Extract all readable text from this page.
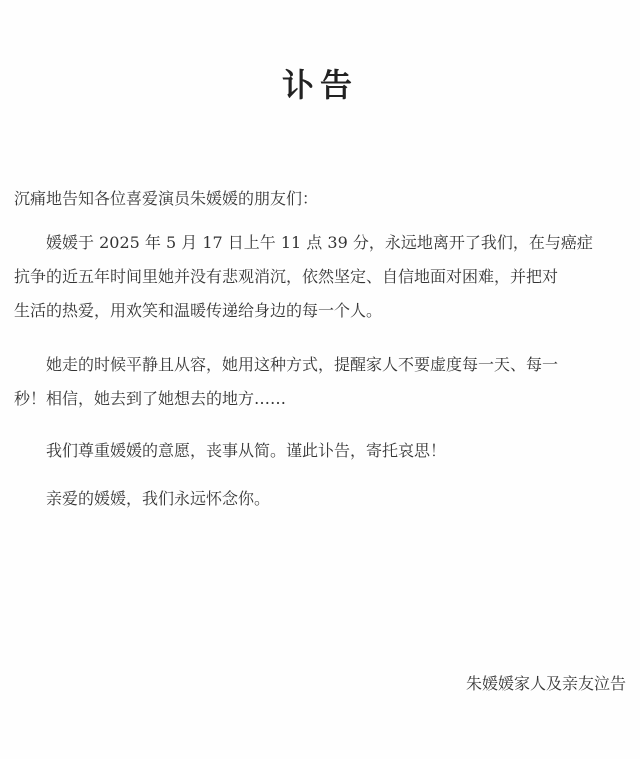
讣告
沉痛地告知各位喜爱演员朱媛媛的朋友们：
媛媛于 2025 年 5 月 17 日上午 11 点 39 分，永远地离开了我们，在与癌症
抗争的近五年时间里她并没有悲观消沉，依然坚定、自信地面对困难，并把对
生活的热爱，用欢笑和温暖传递给身边的每一个人。
她走的时候平静且从容，她用这种方式，提醒家人不要虚度每一天、每一
秒！相信，她去到了她想去的地方……
我们尊重媛媛的意愿，丧事从简。谨此讣告，寄托哀思！
亲爱的媛媛，我们永远怀念你。
朱媛媛家人及亲友泣告
